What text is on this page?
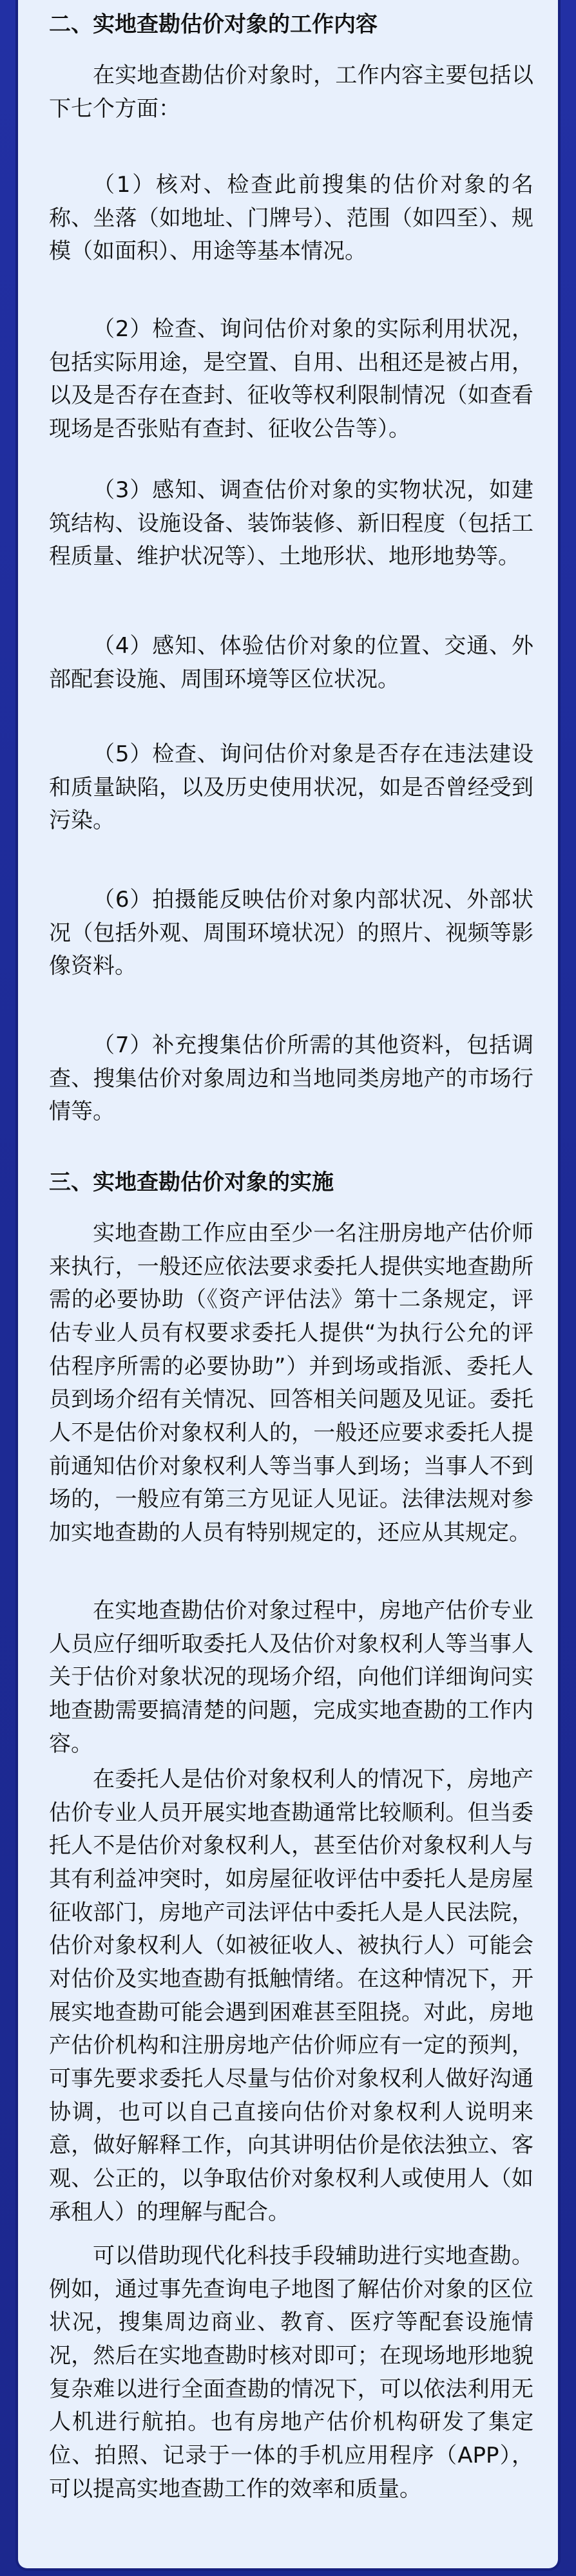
二、实地查勘估价对象的工作内容

在实地查勘估价对象时，工作内容主要包括以下七个方面：

（1）核对、检查此前搜集的估价对象的名称、坐落（如地址、门牌号）、范围（如四至）、规模（如面积）、用途等基本情况。

（2）检查、询问估价对象的实际利用状况，包括实际用途，是空置、自用、出租还是被占用，以及是否存在查封、征收等权利限制情况（如查看现场是否张贴有查封、征收公告等）。

（3）感知、调查估价对象的实物状况，如建筑结构、设施设备、装饰装修、新旧程度（包括工程质量、维护状况等）、土地形状、地形地势等。

（4）感知、体验估价对象的位置、交通、外部配套设施、周围环境等区位状况。

（5）检查、询问估价对象是否存在违法建设和质量缺陷，以及历史使用状况，如是否曾经受到污染。

（6）拍摄能反映估价对象内部状况、外部状况（包括外观、周围环境状况）的照片、视频等影像资料。

（7）补充搜集估价所需的其他资料，包括调查、搜集估价对象周边和当地同类房地产的市场行情等。

三、实地查勘估价对象的实施

实地查勘工作应由至少一名注册房地产估价师来执行，一般还应依法要求委托人提供实地查勘所需的必要协助（《资产评估法》第十二条规定，评估专业人员有权要求委托人提供“为执行公允的评估程序所需的必要协助”）并到场或指派、委托人员到场介绍有关情况、回答相关问题及见证。委托人不是估价对象权利人的，一般还应要求委托人提前通知估价对象权利人等当事人到场；当事人不到场的，一般应有第三方见证人见证。法律法规对参加实地查勘的人员有特别规定的，还应从其规定。

在实地查勘估价对象过程中，房地产估价专业人员应仔细听取委托人及估价对象权利人等当事人关于估价对象状况的现场介绍，向他们详细询问实地查勘需要搞清楚的问题，完成实地查勘的工作内容。

在委托人是估价对象权利人的情况下，房地产估价专业人员开展实地查勘通常比较顺利。但当委托人不是估价对象权利人，甚至估价对象权利人与其有利益冲突时，如房屋征收评估中委托人是房屋征收部门，房地产司法评估中委托人是人民法院，估价对象权利人（如被征收人、被执行人）可能会对估价及实地查勘有抵触情绪。在这种情况下，开展实地查勘可能会遇到困难甚至阻挠。对此，房地产估价机构和注册房地产估价师应有一定的预判，可事先要求委托人尽量与估价对象权利人做好沟通协调，也可以自己直接向估价对象权利人说明来意，做好解释工作，向其讲明估价是依法独立、客观、公正的，以争取估价对象权利人或使用人（如承租人）的理解与配合。

可以借助现代化科技手段辅助进行实地查勘。例如，通过事先查询电子地图了解估价对象的区位状况，搜集周边商业、教育、医疗等配套设施情况，然后在实地查勘时核对即可；在现场地形地貌复杂难以进行全面查勘的情况下，可以依法利用无人机进行航拍。也有房地产估价机构研发了集定位、拍照、记录于一体的手机应用程序（APP），可以提高实地查勘工作的效率和质量。
